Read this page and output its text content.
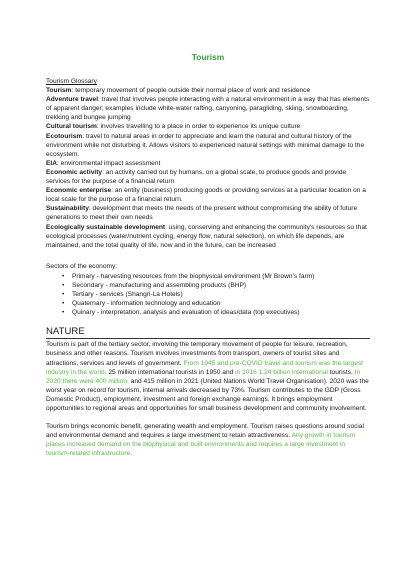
Tourism

Tourism Glossary

Tourism: temporary movement of people outside their normal place of work and residence

Adventure travel: travel that involves people interacting with a natural environment in a way that has elements of apparent danger; examples include white-water rafting, canyoning, paragliding, skiing, snowboarding, trekking and bungee jumping

Cultural tourism: involves travelling to a place in order to experience its unique culture

Ecotourism: travel to natural areas in order to appreciate and learn the natural and cultural history of the environment while not disturbing it. Allows visitors to experienced natural settings with minimal damage to the ecosystem.

EIA: environmental impact assessment

Economic activity: an activity carried out by humans, on a global scale, to produce goods and provide services for the purpose of a financial return

Economic enterprise: an entity (business) producing goods or providing services at a particular location on a local scale for the purpose of a financial return.

Sustainability: development that meets the needs of the present without compromising the ability of future generations to meet their own needs

Ecologically sustainable development: using, conserving and enhancing the community's resources so that ecological processes (water/nutrient cycling, energy flow, natural selection), on which life depends, are maintained, and the total quality of life, now and in the future, can be increased

Sectors of the economy:

• Primary - harvesting resources from the biophysical environment (Mr Brown's farm)
• Secondary - manufacturing and assembling products (BHP)
• Tertiary - services (Shangri-La Hotels)
• Quaternary - information technology and education
• Quinary - interpretation, analysis and evaluation of ideas/data (top executives)
NATURE

Tourism is part of the tertiary sector, involving the temporary movement of people for leisure, recreation, business and other reasons. Tourism involves investments from transport, owners of tourist sites and attractions, services and levels of government. From 1945 and pre-COVID travel and tourism was the largest industry in the world. 25 million international tourists in 1950 and in 2016 1.24 billion international tourists. In 2020 there were 400 million, and 415 million in 2021 (United Nations World Travel Organisation). 2020 was the worst year on record for tourism, internal arrivals decreased by 73%. Tourism contributes to the GDP (Gross Domestic Product), employment, investment and foreign exchange earnings. It brings employment opportunities to regional areas and opportunities for small business development and community involvement.

Tourism brings economic benefit, generating wealth and employment. Tourism raises questions around social and environmental demand and requires a large investment to retain attractiveness. Any growth in tourism places increased demand on the biophysical and built environments and requires a large investment in tourism-related infrastructure.
